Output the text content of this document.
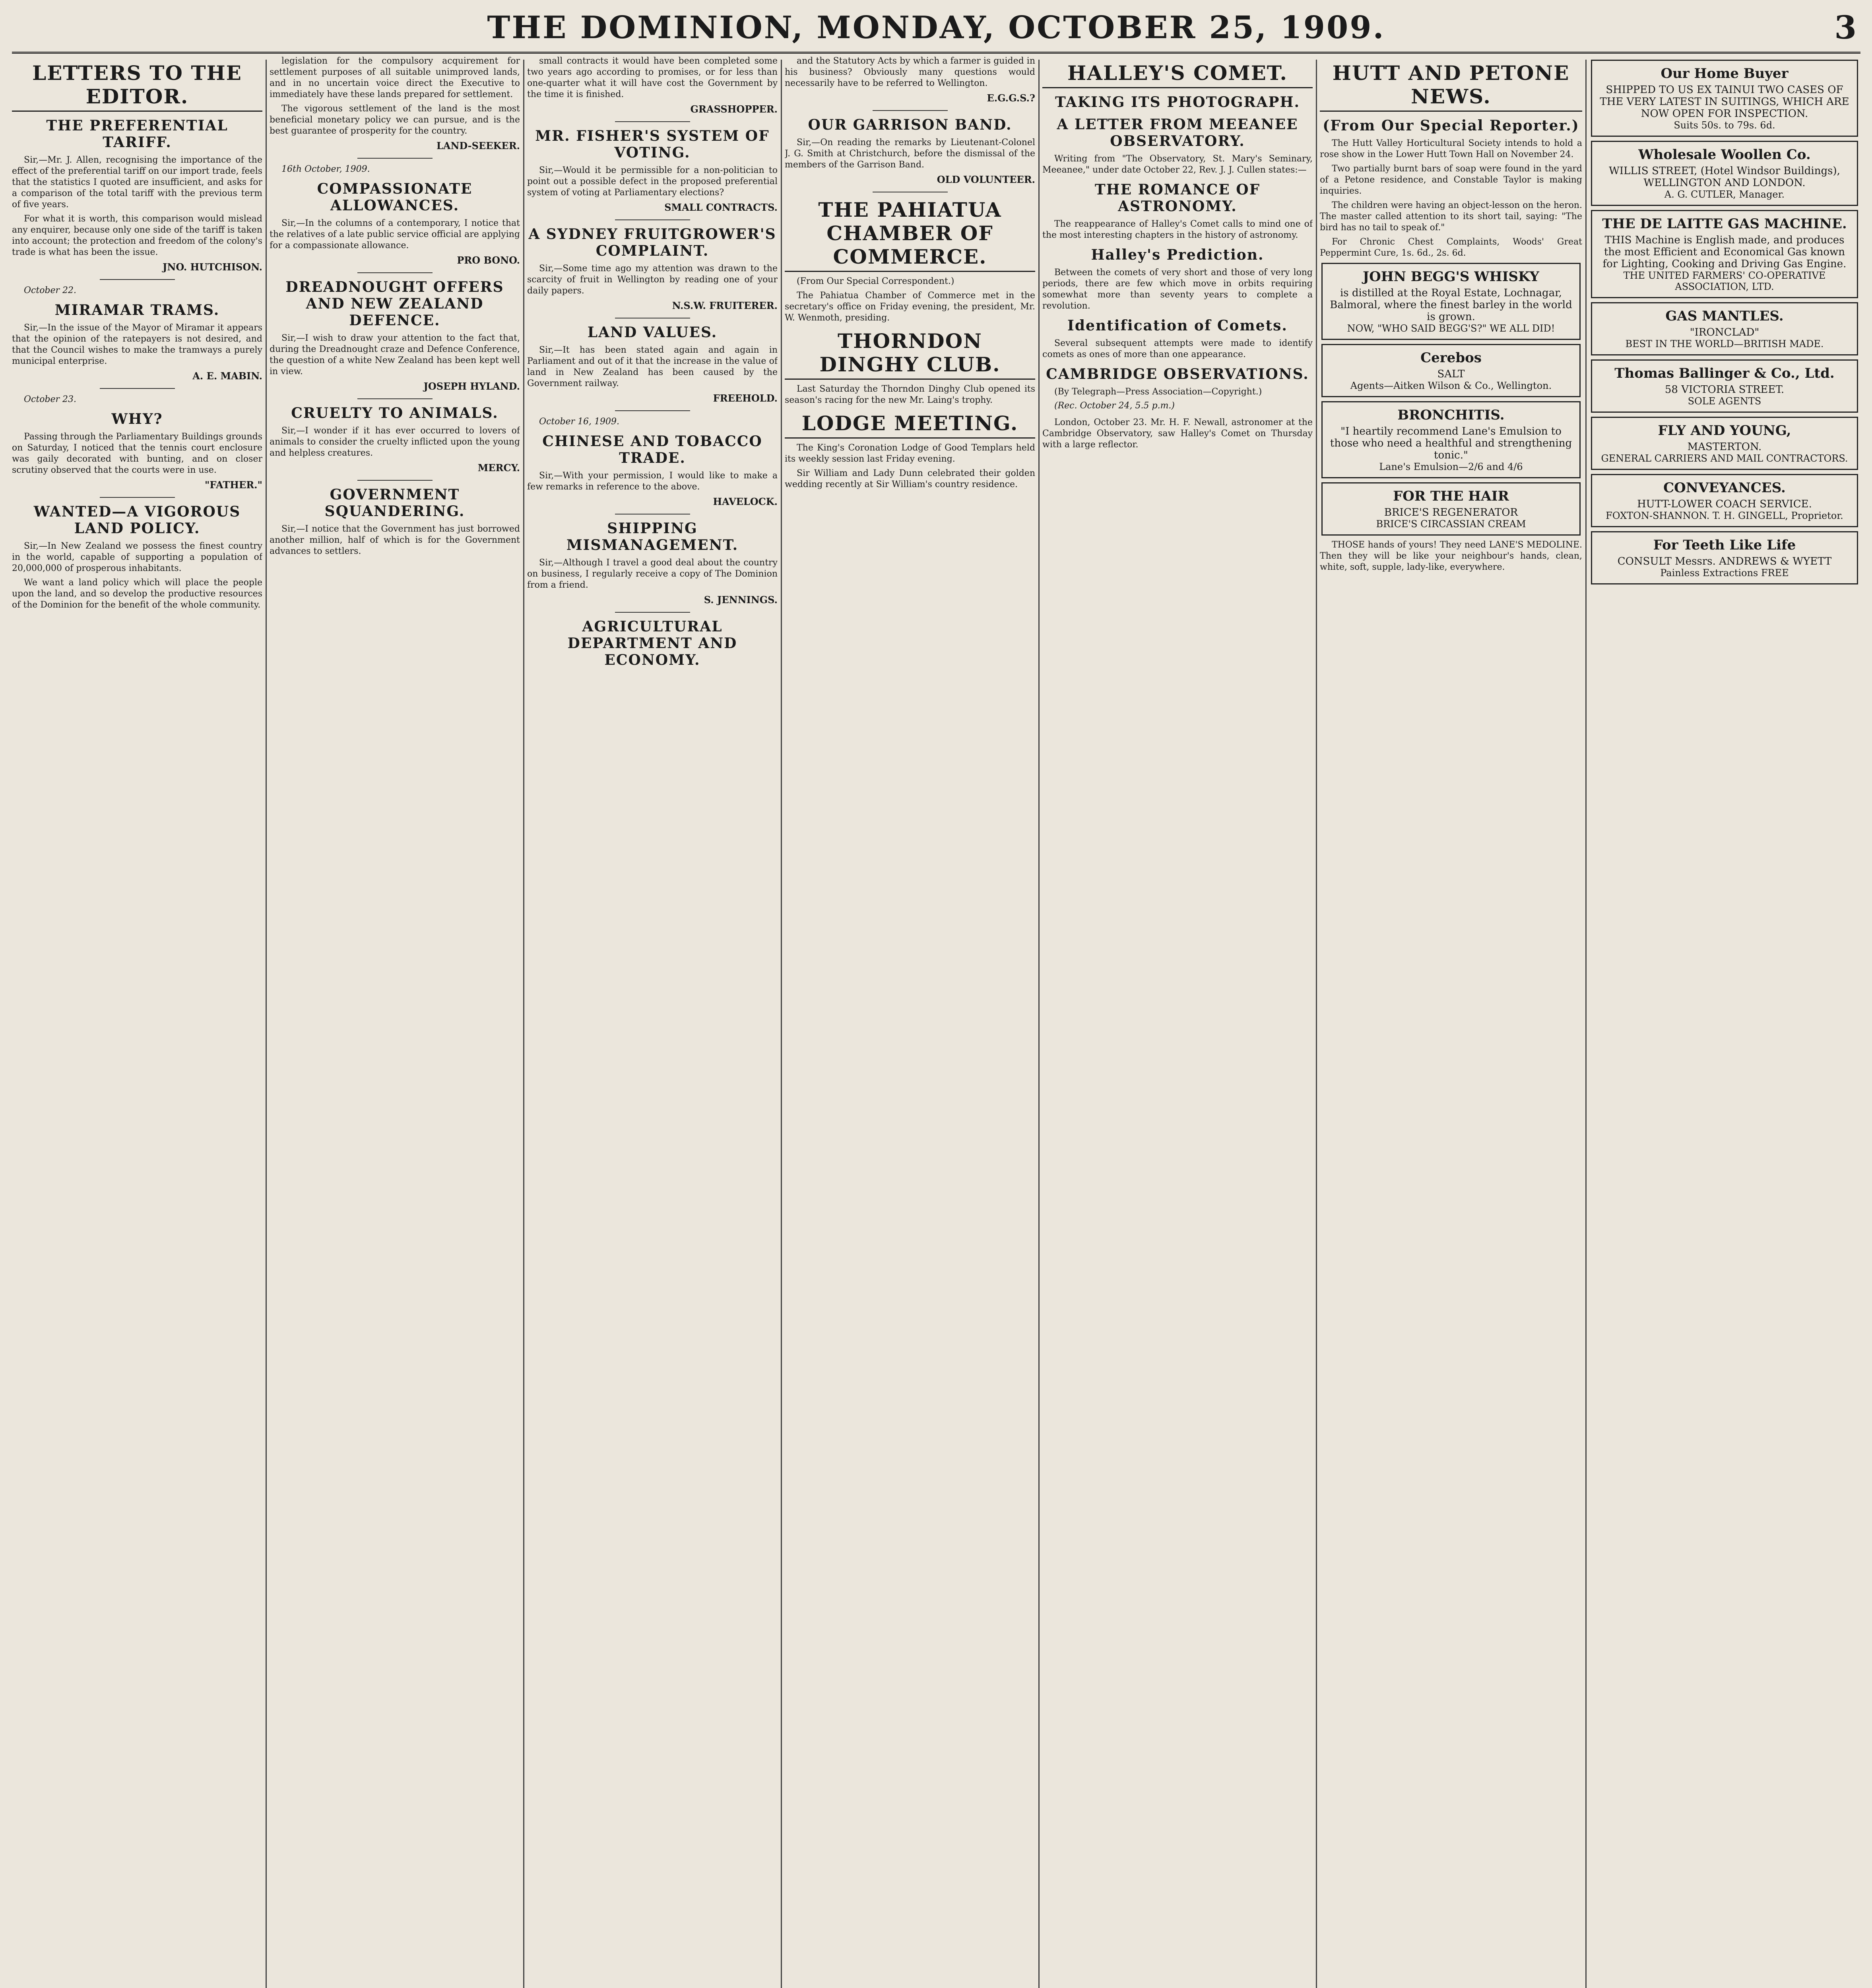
THE DOMINION, MONDAY, OCTOBER 25, 1909.	3
LETTERS TO THE EDITOR.
THE PREFERENTIAL TARIFF.

Sir,—Mr. J. Allen, recognising the importance of the effect of the preferential tariff on our import trade, feels that the statistics I quoted are insufficient, and asks for a comparison of the total tariff with the previous term of five years.

For what it is worth, this comparison would mislead any enquirer, because only one side of the tariff is taken into account; the protection and freedom of the colony's trade is what has been the issue.

JNO. HUTCHISON.
October 22.
MIRAMAR TRAMS.

Sir,—In the issue of the Mayor of Miramar it appears that the opinion of the ratepayers is not desired, and that the Council wishes to make the tramways a purely municipal enterprise.

A. E. MABIN.
October 23.
WHY?

Passing through the Parliamentary Buildings grounds on Saturday, I noticed that the tennis court enclosure was gaily decorated with bunting, and on closer scrutiny observed that the courts were in use.

"FATHER."
WANTED—A VIGOROUS LAND POLICY.

Sir,—In New Zealand we possess the finest country in the world, capable of supporting a population of 20,000,000 of prosperous inhabitants.

We want a land policy which will place the people upon the land, and so develop the productive resources of the Dominion for the benefit of the whole community.

legislation for the compulsory acquirement for settlement purposes of all suitable unimproved lands, and in no uncertain voice direct the Executive to immediately have these lands prepared for settlement.

The vigorous settlement of the land is the most beneficial monetary policy we can pursue, and is the best guarantee of prosperity for the country.

LAND-SEEKER.
16th October, 1909.
COMPASSIONATE ALLOWANCES.

Sir,—In the columns of a contemporary, I notice that the relatives of a late public service official are applying for a compassionate allowance.

PRO BONO.
DREADNOUGHT OFFERS AND NEW ZEALAND DEFENCE.

Sir,—I wish to draw your attention to the fact that, during the Dreadnought craze and Defence Conference, the question of a white New Zealand has been kept well in view.

JOSEPH HYLAND.
CRUELTY TO ANIMALS.

Sir,—I wonder if it has ever occurred to lovers of animals to consider the cruelty inflicted upon the young and helpless creatures.

MERCY.
GOVERNMENT SQUANDERING.

Sir,—I notice that the Government has just borrowed another million, half of which is for the Government advances to settlers.

small contracts it would have been completed some two years ago according to promises, or for less than one-quarter what it will have cost the Government by the time it is finished.

GRASSHOPPER.
MR. FISHER'S SYSTEM OF VOTING.

Sir,—Would it be permissible for a non-politician to point out a possible defect in the proposed preferential system of voting at Parliamentary elections?

SMALL CONTRACTS.
A SYDNEY FRUITGROWER'S COMPLAINT.

Sir,—Some time ago my attention was drawn to the scarcity of fruit in Wellington by reading one of your daily papers.

N.S.W. FRUITERER.
LAND VALUES.

Sir,—It has been stated again and again in Parliament and out of it that the increase in the value of land in New Zealand has been caused by the Government railway.

FREEHOLD.
October 16, 1909.
CHINESE AND TOBACCO TRADE.

Sir,—With your permission, I would like to make a few remarks in reference to the above.

HAVELOCK.
SHIPPING MISMANAGEMENT.

Sir,—Although I travel a good deal about the country on business, I regularly receive a copy of The Dominion from a friend.

S. JENNINGS.
AGRICULTURAL DEPARTMENT AND ECONOMY.

and the Statutory Acts by which a farmer is guided in his business? Obviously many questions would necessarily have to be referred to Wellington.

E.G.G.S.?
OUR GARRISON BAND.

Sir,—On reading the remarks by Lieutenant-Colonel J. G. Smith at Christchurch, before the dismissal of the members of the Garrison Band.

OLD VOLUNTEER.
THE PAHIATUA CHAMBER OF COMMERCE.

(From Our Special Correspondent.)

The Pahiatua Chamber of Commerce met in the secretary's office on Friday evening, the president, Mr. W. Wenmoth, presiding.

THORNDON DINGHY CLUB.

Last Saturday the Thorndon Dinghy Club opened its season's racing for the new Mr. Laing's trophy.

LODGE MEETING.

The King's Coronation Lodge of Good Templars held its weekly session last Friday evening.

Sir William and Lady Dunn celebrated their golden wedding recently at Sir William's country residence.

HALLEY'S COMET.
TAKING ITS PHOTOGRAPH.
A LETTER FROM MEEANEE OBSERVATORY.

Writing from "The Observatory, St. Mary's Seminary, Meeanee," under date October 22, Rev. J. J. Cullen states:—

THE ROMANCE OF ASTRONOMY.

The reappearance of Halley's Comet calls to mind one of the most interesting chapters in the history of astronomy.

Halley's Prediction.

Between the comets of very short and those of very long periods, there are few which move in orbits requiring somewhat more than seventy years to complete a revolution.

Identification of Comets.

Several subsequent attempts were made to identify comets as ones of more than one appearance.

CAMBRIDGE OBSERVATIONS.

(By Telegraph—Press Association—Copyright.)

(Rec. October 24, 5.5 p.m.)

London, October 23. Mr. H. F. Newall, astronomer at the Cambridge Observatory, saw Halley's Comet on Thursday with a large reflector.

HUTT AND PETONE NEWS.
(From Our Special Reporter.)

The Hutt Valley Horticultural Society intends to hold a rose show in the Lower Hutt Town Hall on November 24.

Two partially burnt bars of soap were found in the yard of a Petone residence, and Constable Taylor is making inquiries.

The children were having an object-lesson on the heron. The master called attention to its short tail, saying: "The bird has no tail to speak of."

For Chronic Chest Complaints, Woods' Great Peppermint Cure, 1s. 6d., 2s. 6d.

JOHN BEGG'S WHISKY
is distilled at the Royal Estate, Lochnagar, Balmoral, where the finest barley in the world is grown.
NOW, "WHO SAID BEGG'S?" WE ALL DID!
Cerebos
SALT
Agents—Aitken Wilson & Co., Wellington.
BRONCHITIS.
"I heartily recommend Lane's Emulsion to those who need a healthful and strengthening tonic."
Lane's Emulsion—2/6 and 4/6
FOR THE HAIR
BRICE'S REGENERATOR
BRICE'S CIRCASSIAN CREAM

THOSE hands of yours! They need LANE'S MEDOLINE. Then they will be like your neighbour's hands, clean, white, soft, supple, lady-like, everywhere.

Our Home Buyer
SHIPPED TO US EX TAINUI TWO CASES OF THE VERY LATEST IN SUITINGS, WHICH ARE NOW OPEN FOR INSPECTION.
Suits 50s. to 79s. 6d.
Wholesale Woollen Co.
WILLIS STREET, (Hotel Windsor Buildings), WELLINGTON AND LONDON.
A. G. CUTLER, Manager.
THE DE LAITTE GAS MACHINE.
THIS Machine is English made, and produces the most Efficient and Economical Gas known for Lighting, Cooking and Driving Gas Engine.
THE UNITED FARMERS' CO-OPERATIVE ASSOCIATION, LTD.
GAS MANTLES.
"IRONCLAD"
BEST IN THE WORLD—BRITISH MADE.
Thomas Ballinger & Co., Ltd.
58 VICTORIA STREET.
SOLE AGENTS
FLY AND YOUNG,
MASTERTON.
GENERAL CARRIERS AND MAIL CONTRACTORS.
CONVEYANCES.
HUTT-LOWER COACH SERVICE.
FOXTON-SHANNON. T. H. GINGELL, Proprietor.
For Teeth Like Life
CONSULT Messrs. ANDREWS & WYETT
Painless Extractions FREE
